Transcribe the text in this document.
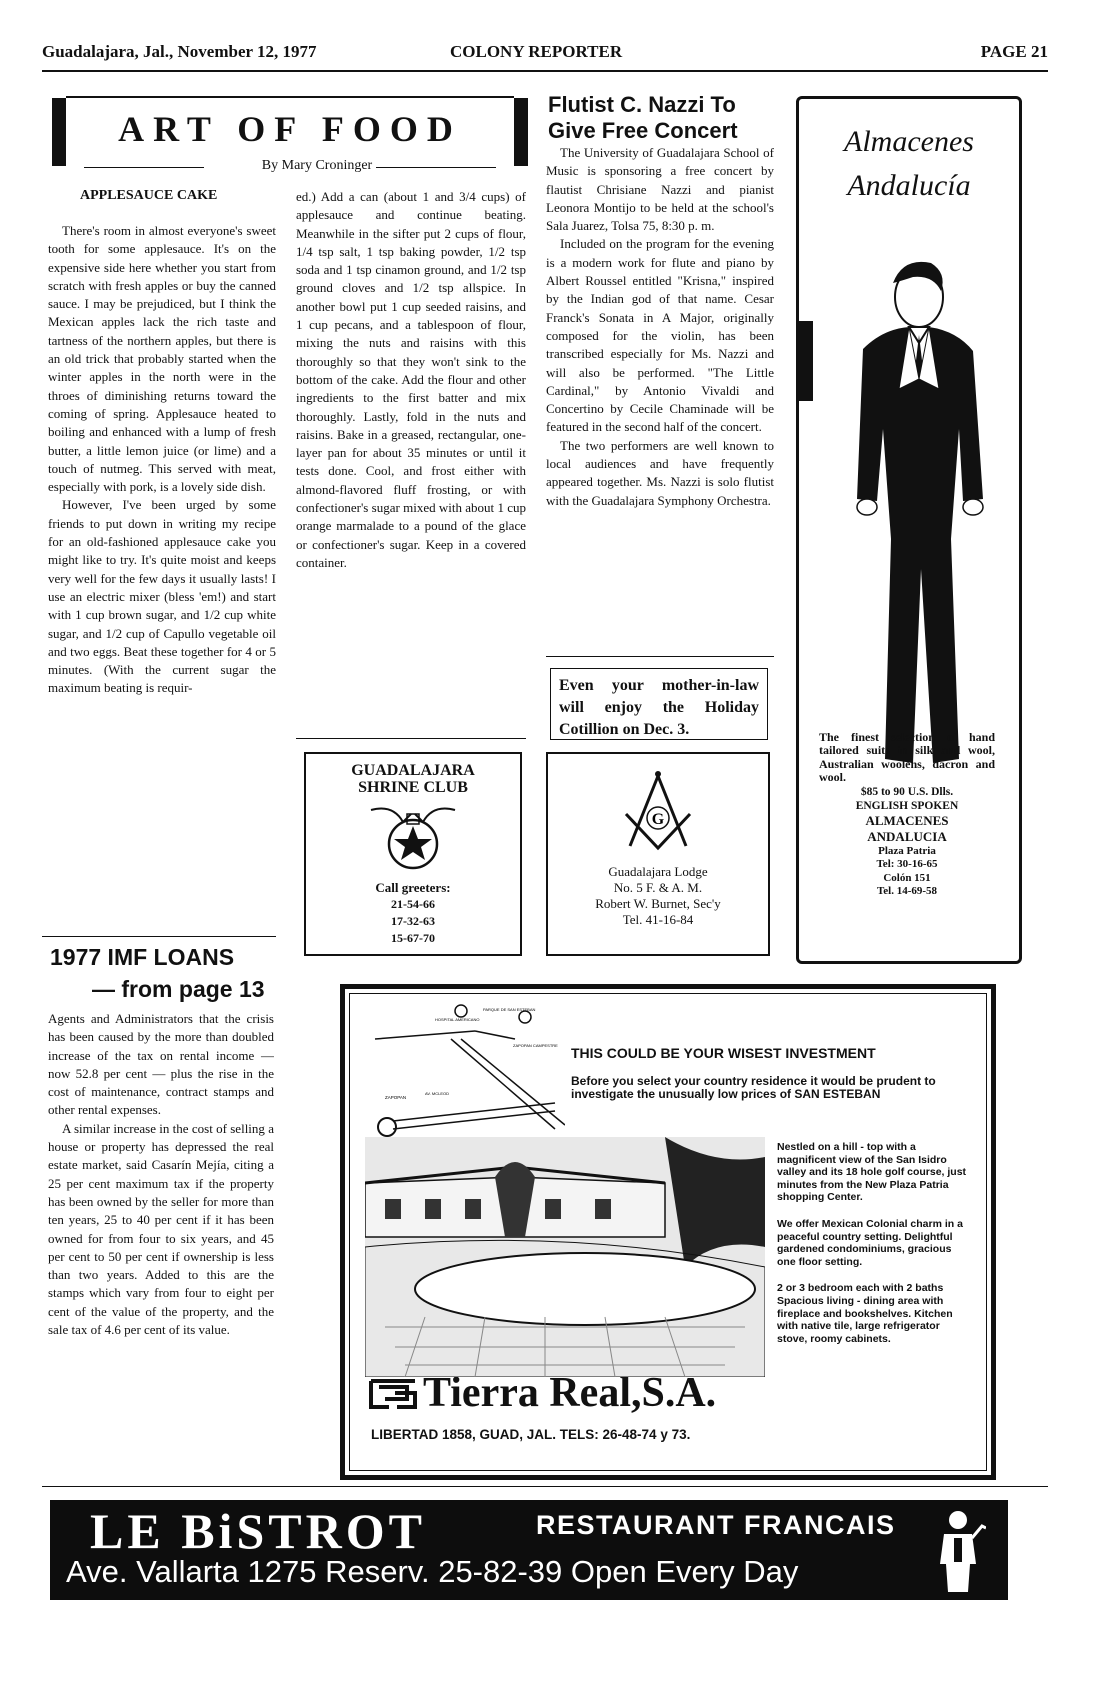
Guadalajara, Jal., November 12, 1977	COLONY REPORTER	PAGE 21
ART OF FOOD
By Mary Croninger
APPLESAUCE CAKE

There's room in almost everyone's sweet tooth for some applesauce. It's on the expensive side here whether you start from scratch with fresh apples or buy the canned sauce. I may be prejudiced, but I think the Mexican apples lack the rich taste and tartness of the northern apples, but there is an old trick that probably started when the winter apples in the north were in the throes of diminishing returns toward the coming of spring. Applesauce heated to boiling and enhanced with a lump of fresh butter, a little lemon juice (or lime) and a touch of nutmeg. This served with meat, especially with pork, is a lovely side dish.

However, I've been urged by some friends to put down in writing my recipe for an old-fashioned applesauce cake you might like to try. It's quite moist and keeps very well for the few days it usually lasts! I use an electric mixer (bless 'em!) and start with 1 cup brown sugar, and 1/2 cup white sugar, and 1/2 cup of Capullo vegetable oil and two eggs. Beat these together for 4 or 5 minutes. (With the current sugar the maximum beating is requir-

ed.) Add a can (about 1 and 3/4 cups) of applesauce and continue beating. Meanwhile in the sifter put 2 cups of flour, 1/4 tsp salt, 1 tsp baking powder, 1/2 tsp soda and 1 tsp cinamon ground, and 1/2 tsp ground cloves and 1/2 tsp allspice. In another bowl put 1 cup seeded raisins, and 1 cup pecans, and a tablespoon of flour, mixing the nuts and raisins with this thoroughly so that they won't sink to the bottom of the cake. Add the flour and other ingredients to the first batter and mix thoroughly. Lastly, fold in the nuts and raisins. Bake in a greased, rectangular, one-layer pan for about 35 minutes or until it tests done. Cool, and frost either with almond-flavored fluff frosting, or with confectioner's sugar mixed with about 1 cup orange marmalade to a pound of the glace or confectioner's sugar. Keep in a covered container.

1977 IMF LOANS
— from page 13

Agents and Administrators that the crisis has been caused by the more than doubled increase of the tax on rental income — now 52.8 per cent — plus the rise in the cost of maintenance, contract stamps and other rental expenses.

A similar increase in the cost of selling a house or property has depressed the real estate market, said Casarín Mejía, citing a 25 per cent maximum tax if the property has been owned by the seller for more than ten years, 25 to 40 per cent if it has been owned for from four to six years, and 45 per cent to 50 per cent if ownership is less than two years. Added to this are the stamps which vary from four to eight per cent of the value of the property, and the sale tax of 4.6 per cent of its value.

Flutist C. Nazzi To
Give Free Concert

The University of Guadalajara School of Music is sponsoring a free concert by flautist Chrisiane Nazzi and pianist Leonora Montijo to be held at the school's Sala Juarez, Tolsa 75, 8:30 p. m.

Included on the program for the evening is a modern work for flute and piano by Albert Roussel entitled "Krisna," inspired by the Indian god of that name. Cesar Franck's Sonata in A Major, originally composed for the violin, has been transcribed especially for Ms. Nazzi and will also be performed. "The Little Cardinal," by Antonio Vivaldi and Concertino by Cecile Chaminade will be featured in the second half of the concert.

The two performers are well known to local audiences and have frequently appeared together. Ms. Nazzi is solo flutist with the Guadalajara Symphony Orchestra.

Even your mother-in-law will enjoy the Holiday Cotillion on Dec. 3.
GUADALAJARA
SHRINE CLUB
Call greeters:
21-54-66
17-32-63
15-67-70
G
Guadalajara Lodge
No. 5 F. & A. M.
Robert W. Burnet, Sec'y
Tel. 41-16-84
Almacenes
Andalucía
The finest selection of hand tailored suits in silk and wool, Australian woolens, dacron and wool.
$85 to 90 U.S. Dlls.
ENGLISH SPOKEN
ALMACENES
ANDALUCIA
Plaza Patria
Tel: 30-16-65
Colón 151
Tel. 14-69-58
HOSPITAL AMERICANO
PARQUE DE SAN ESTEBAN
ZAPOPAN
AV. MCLEOD
ZAPOPAN CAMPESTRE THIS COULD BE YOUR WISEST INVESTMENT
Before you select your country residence it would be prudent to investigate the unusually low prices of SAN ESTEBAN
Nestled on a hill - top with a magnificent view of the San Isidro valley and its 18 hole golf course, just minutes from the New Plaza Patria shopping Center.
We offer Mexican Colonial charm in a peaceful country setting. Delightful gardened condominiums, gracious one floor setting.
2 or 3 bedroom each with 2 baths Spacious living - dining area with fireplace and bookshelves. Kitchen with native tile, large refrigerator stove, roomy cabinets.
Tierra Real,S.A.
LIBERTAD 1858, GUAD, JAL. TELS: 26-48-74 y 73.
LE BiSTROT	RESTAURANT FRANCAIS
Ave. Vallarta 1275 Reserv. 25-82-39 Open Every Day
